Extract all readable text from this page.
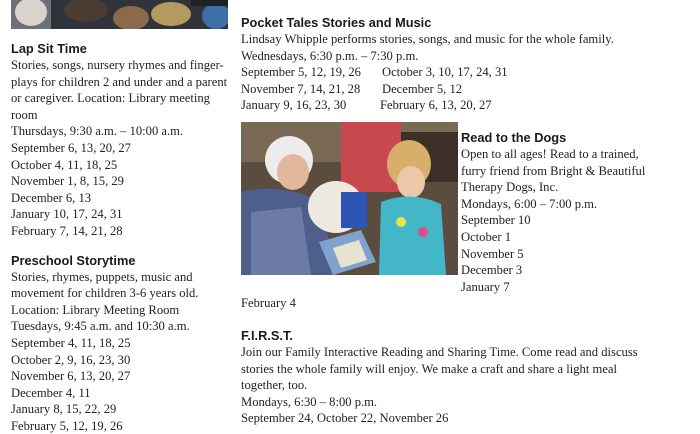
Lap Sit Time
Stories, songs, nursery rhymes and finger-plays for children 2 and under and a parent or caregiver. Location: Library meeting room
Thursdays, 9:30 a.m. – 10:00 a.m.
September 6, 13, 20, 27
October 4, 11, 18, 25
November 1, 8, 15, 29
December 6, 13
January 10, 17, 24, 31
February 7, 14, 21, 28
Preschool Storytime
Stories, rhymes, puppets, music and movement for children 3-6 years old.
Location: Library Meeting Room
Tuesdays, 9:45 a.m. and 10:30 a.m.
September 4, 11, 18, 25
October 2, 9, 16, 23, 30
November 6, 13, 20, 27
December 4, 11
January 8, 15, 22, 29
February 5, 12, 19, 26
Pocket Tales Stories and Music
Lindsay Whipple performs stories, songs, and music for the whole family.
Wednesdays, 6:30 p.m. – 7:30 p.m.
September 5, 12, 19, 26 October 3, 10, 17, 24, 31
November 7, 14, 21, 28 December 5, 12
January 9, 16, 23, 30	February 6, 13, 20, 27
Read to the Dogs
Open to all ages! Read to a trained,
furry friend from Bright & Beautiful
Therapy Dogs, Inc.
Mondays, 6:00 – 7:00 p.m.
September 10
October 1
November 5
December 3
January 7
February 4
F.I.R.S.T.
Join our Family Interactive Reading and Sharing Time. Come read and discuss stories the whole family will enjoy. We make a craft and share a light meal together, too.
Mondays, 6:30 – 8:00 p.m.
September 24, October 22, November 26
